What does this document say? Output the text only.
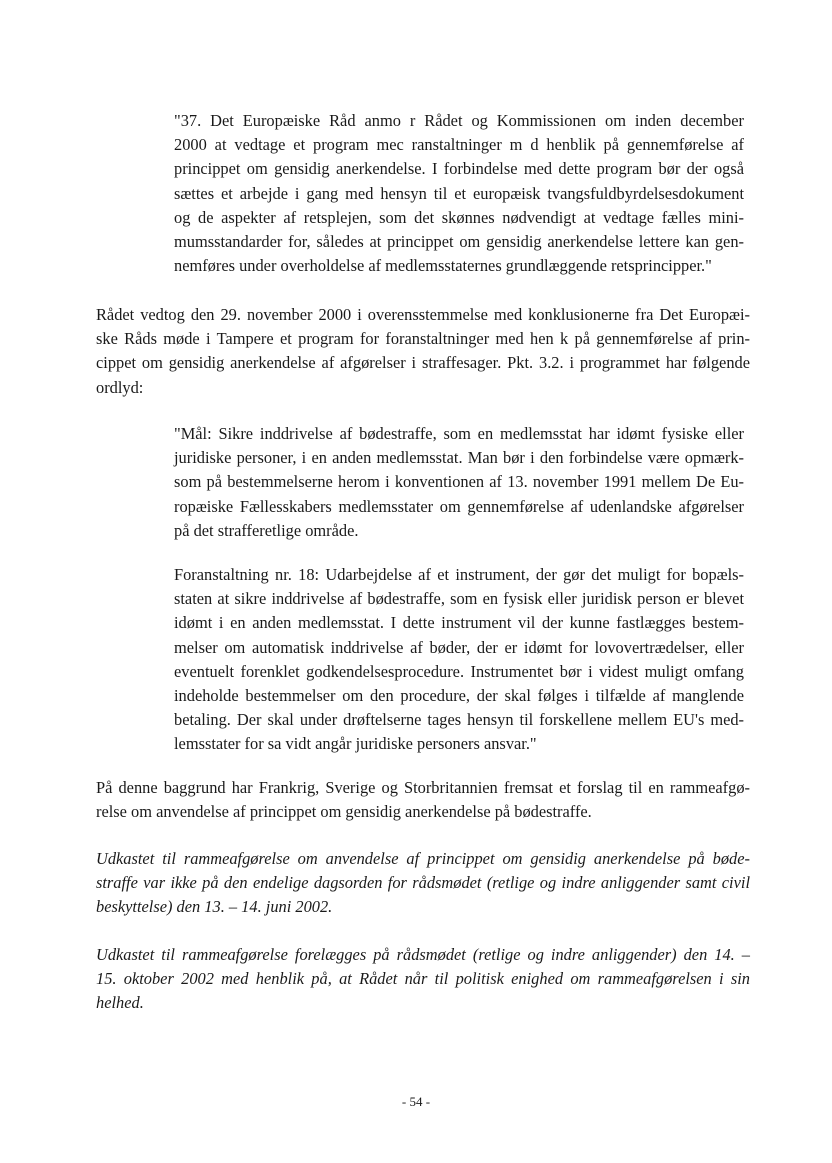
"37. Det Europæiske Råd anmo r Rådet og Kommissionen om inden december
2000 at vedtage et program mec ranstaltninger m d henblik på gennemførelse af
princippet om gensidig anerkendelse. I forbindelse med dette program bør der også
sættes et arbejde i gang med hensyn til et europæisk tvangsfuldbyrdelsesdokument
og de aspekter af retsplejen, som det skønnes nødvendigt at vedtage fælles mini-
mumsstandarder for, således at princippet om gensidig anerkendelse lettere kan gen-
nemføres under overholdelse af medlemsstaternes grundlæggende retsprincipper."
Rådet vedtog den 29. november 2000 i overensstemmelse med konklusionerne fra Det Europæi-
ske Råds møde i Tampere et program for foranstaltninger med hen k på gennemførelse af prin-
cippet om gensidig anerkendelse af afgørelser i straffesager. Pkt. 3.2. i programmet har følgende
ordlyd:
"Mål: Sikre inddrivelse af bødestraffe, som en medlemsstat har idømt fysiske eller
juridiske personer, i en anden medlemsstat. Man bør i den forbindelse være opmærk-
som på bestemmelserne herom i konventionen af 13. november 1991 mellem De Eu-
ropæiske Fællesskabers medlemsstater om gennemførelse af udenlandske afgørelser
på det strafferetlige område.
Foranstaltning nr. 18: Udarbejdelse af et instrument, der gør det muligt for bopæls-
staten at sikre inddrivelse af bødestraffe, som en fysisk eller juridisk person er blevet
idømt i en anden medlemsstat. I dette instrument vil der kunne fastlægges bestem-
melser om automatisk inddrivelse af bøder, der er idømt for lovovertrædelser, eller
eventuelt forenklet godkendelsesprocedure. Instrumentet bør i videst muligt omfang
indeholde bestemmelser om den procedure, der skal følges i tilfælde af manglende
betaling. Der skal under drøftelserne tages hensyn til forskellene mellem EU's med-
lemsstater for sa vidt angår juridiske personers ansvar."
På denne baggrund har Frankrig, Sverige og Storbritannien fremsat et forslag til en rammeafgø-
relse om anvendelse af princippet om gensidig anerkendelse på bødestraffe.
Udkastet til rammeafgørelse om anvendelse af princippet om gensidig anerkendelse på bøde-
straffe var ikke på den endelige dagsorden for rådsmødet (retlige og indre anliggender samt civil
beskyttelse) den 13. – 14. juni 2002.
Udkastet til rammeafgørelse forelægges på rådsmødet (retlige og indre anliggender) den 14. –
15. oktober 2002 med henblik på, at Rådet når til politisk enighed om rammeafgørelsen i sin
helhed.
- 54 -
